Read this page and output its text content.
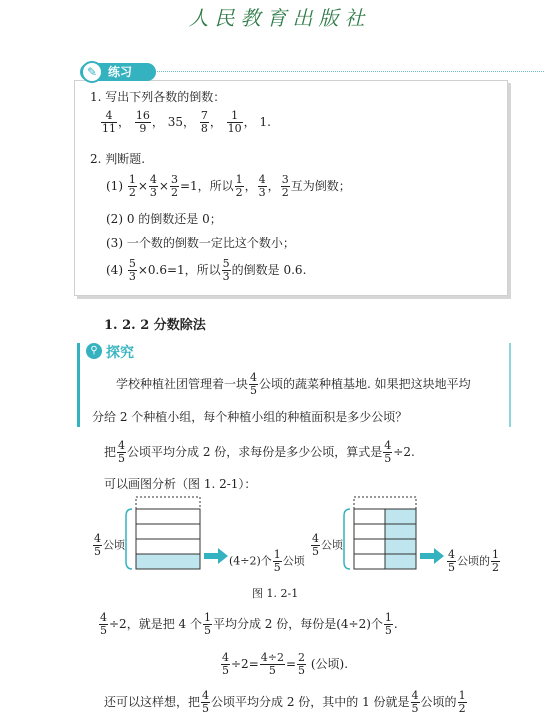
人民教育出版社
练习
✎
1. 写出下列各数的倒数：
$\frac{4}{11}$ ， $\frac{16}{9}$ ， 35， $\frac{7}{8}$ ， $\frac{1}{10}$ ， 1.
2. 判断题.
$(1) \frac{1}{2} \times \frac{4}{3} \times \frac{3}{2} =1$，所以 $\frac{1}{2}$ ， $\frac{4}{3}$ ， $\frac{3}{2}$ 互为倒数；
(2) 0 的倒数还是 0；
(3) 一个数的倒数一定比这个数小；
$(4) \frac{5}{3} \times 0.6=1$，所以 $\frac{5}{3}$ 的倒数是 0.6.
1. 2. 2 分数除法
⚲ 探究
学校种植社团管理着一块 $\frac{4}{5}$ 公顷的蔬菜种植基地. 如果把这块地平均
分给 2 个种植小组，每个种植小组的种植面积是多少公顷？
把 $\frac{4}{5}$ 公顷平均分成 2 份，求每份是多少公顷，算式是 $\frac{4}{5} \div 2$.
可以画图分析（图 1. 2-1）：
$\frac{4}{5}$ 公顷
(4÷2)个 $\frac{1}{5}$ 公顷
$\frac{4}{5}$ 公顷
$\frac{4}{5}$ 公顷的 $\frac{1}{2}$
图 1. 2-1
$\frac{4}{5} \div 2$，就是把 4 个 $\frac{1}{5}$ 平均分成 2 份，每份是(4÷2)个 $\frac{1}{5}$ .
$\frac{4}{5} \div 2= \frac{4\div 2}{5} = \frac{2}{5}$ (公顷).
还可以这样想，把 $\frac{4}{5}$ 公顷平均分成 2 份，其中的 1 份就是 $\frac{4}{5}$ 公顷的 $\frac{1}{2}$
